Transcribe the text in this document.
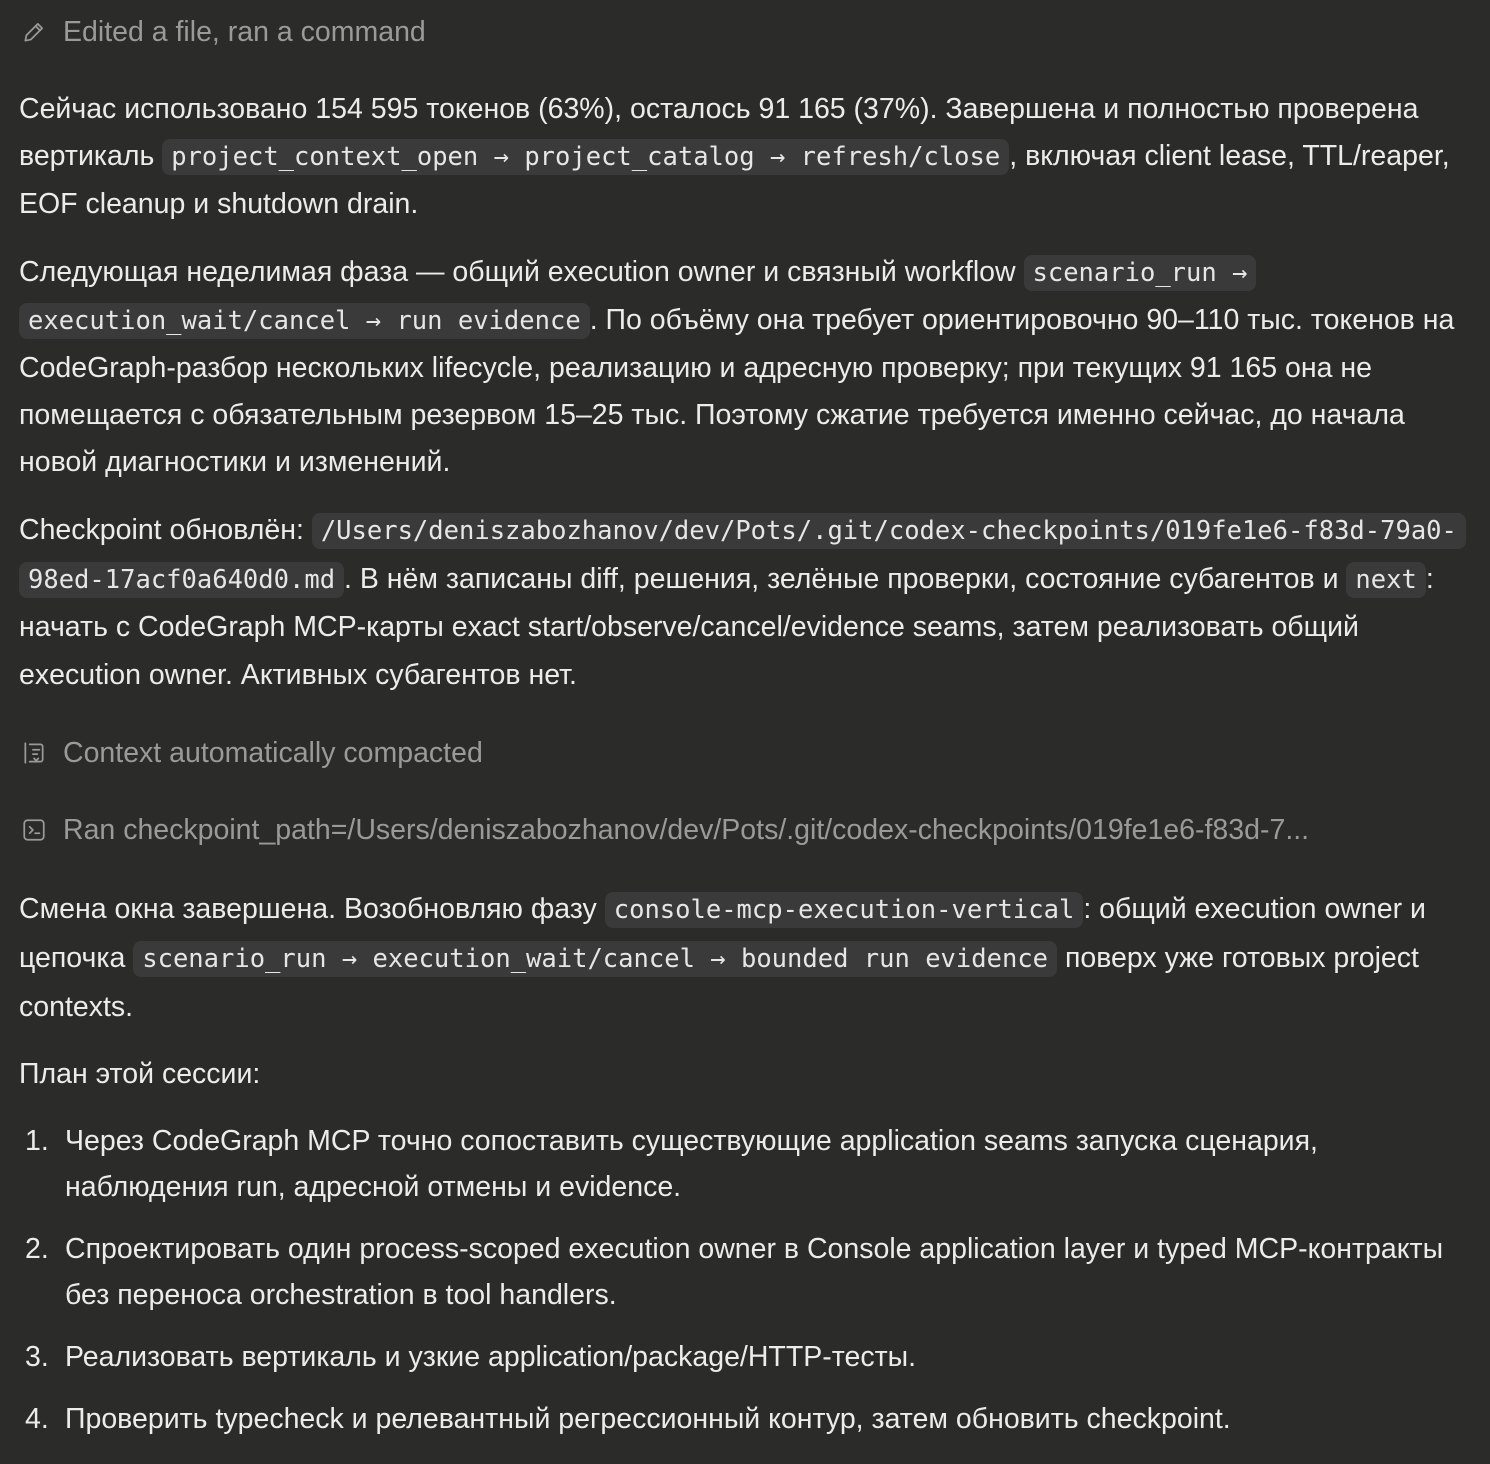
Edited a file, ran a command

Сейчас использовано 154 595 токенов (63%), осталось 91 165 (37%). Завершена и полностью проверена вертикаль project_context_open → project_catalog → refresh/close , включая client lease, TTL/reaper, EOF cleanup и shutdown drain.

Следующая неделимая фаза — общий execution owner и связный workflow scenario_run → execution_wait/cancel → run evidence . По объёму она требует ориентировочно 90–110 тыс. токенов на CodeGraph-разбор нескольких lifecycle, реализацию и адресную проверку; при текущих 91 165 она не помещается с обязательным резервом 15–25 тыс. Поэтому сжатие требуется именно сейчас, до начала новой диагностики и изменений.

Checkpoint обновлён: /Users/deniszabozhanov/dev/Pots/.git/codex-checkpoints/019fe1e6-f83d-79a0-98ed-17acf0a640d0.md . В нём записаны diff, решения, зелёные проверки, состояние субагентов и next : начать с CodeGraph MCP-карты exact start/observe/cancel/evidence seams, затем реализовать общий execution owner. Активных субагентов нет.

Context automatically compacted
Ran checkpoint_path=/Users/deniszabozhanov/dev/Pots/.git/codex-checkpoints/019fe1e6-f83d-7...

Смена окна завершена. Возобновляю фазу console-mcp-execution-vertical : общий execution owner и цепочка scenario_run → execution_wait/cancel → bounded run evidence поверх уже готовых project contexts.

План этой сессии:

1. Через CodeGraph MCP точно сопоставить существующие application seams запуска сценария, наблюдения run, адресной отмены и evidence.
2. Спроектировать один process-scoped execution owner в Console application layer и typed MCP-контракты без переноса orchestration в tool handlers.
3. Реализовать вертикаль и узкие application/package/HTTP-тесты.
4. Проверить typecheck и релевантный регрессионный контур, затем обновить checkpoint.
